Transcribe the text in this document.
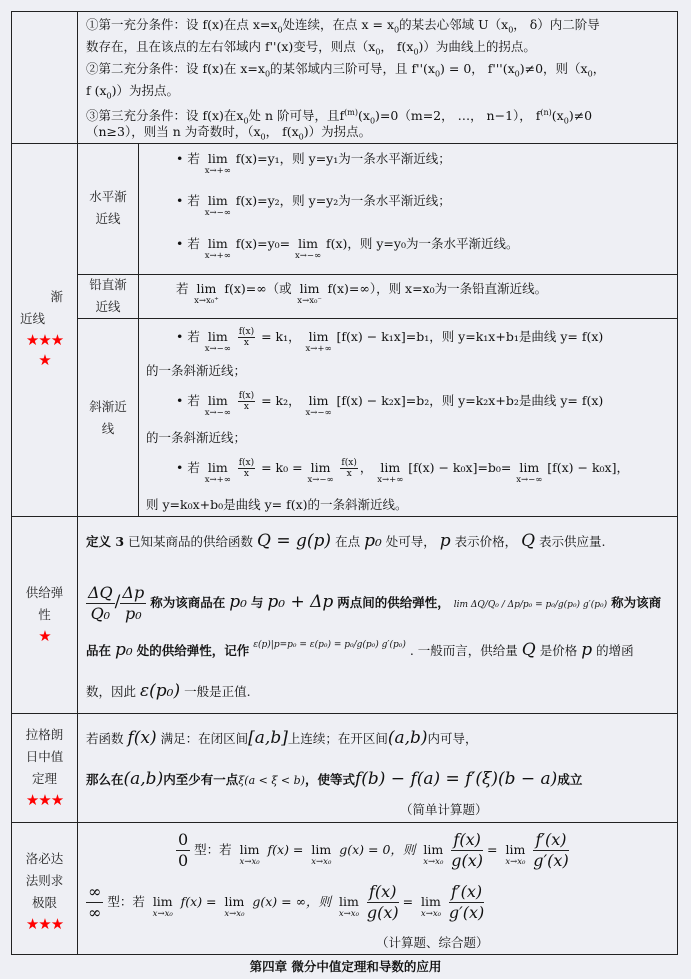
①第一充分条件：设 f(x)在点 $x=x_0$处连续，在点 $x = x_0$的某去心邻域 $U(x_0$， δ）内二阶导
数存在，且在该点的左右邻域内 f''(x)变号，则点（$x_0$， $f(x_0)$）为曲线上的拐点。
②第二充分条件：设 f(x)在 $x=x_0$的某邻域内三阶可导，且 $f''(x_0) = 0$， $f'''(x_0)\ne 0$，则（$x_0$，
f $(x_0)$）为拐点。
③第三充分条件：设 f(x)在$x_0$处 n 阶可导，且$f^{(m)}(x_0)=0(m=2$， …， n−1）， $f^{(n)}(x_0)\ne 0$
（n≥3），则当 n 为奇数时，（$x_0$， $f(x_0)$）为拐点。
渐
近线
★★★
★
水平渐
近线
• 若 lim
x→+∞
f(x)=y₁，则 y=y₁为一条水平渐近线；
• 若 lim
x→−∞
f(x)=y₂，则 y=y₂为一条水平渐近线；
• 若 lim
x→+∞
f(x)=y₀= lim
x→−∞
f(x)，则 y=y₀为一条水平渐近线。
铅直渐
近线
若 lim
x→x₀⁺
f(x)=∞（或 lim
x→x₀⁻
f(x)=∞），则 x=x₀为一条铅直渐近线。
斜渐近
线
• 若 lim
x→−∞

$\frac{f(x)}{x} = k_1$， lim
x→+∞
[f(x) − k₁x]=b₁，则 y=k₁x+b₁是曲线 y= f(x)
的一条斜渐近线；
• 若 lim
x→−∞

$\frac{f(x)}{x} = k_2$， lim
x→−∞
[f(x) − k₂x]=b₂，则 y=k₂x+b₂是曲线 y= f(x)
的一条斜渐近线；
• 若 lim
x→+∞

$\frac{f(x)}{x} = k_0 = \lim$
x→−∞

$\frac{f(x)}{x}$ ， lim
x→+∞
[f(x) − k₀x]=b₀= lim
x→−∞
[f(x) − k₀x]，
则 y=k₀x+b₀是曲线 y= f(x)的一条斜渐近线。
供给弹
性
★
定义 3 已知某商品的供给函数 Q = g(p) 在点 p₀ 处可导， p 表示价格， Q 表示供应量.
$\frac{\Delta Q}{\text{Q₀}}/ \frac{\Delta p}{\text{p₀}}$ 称为该商品在 p₀ 与 p₀ + Δp 两点间的供给弹性， lim ΔQ/Q₀ / Δp/p₀ = p₀/g(p₀) g′(p₀) 称为该商
品在 p₀ 处的供给弹性，记作 $^{\varepsilon(p)|p=p_0 = \varepsilon(p_0) = p_0/g(p_0) g'(p_0)}$ . 一般而言，供给量 Q 是价格 p 的增函
数，因此 ε(p₀) 一般是正值.
拉格朗
日中值
定理
★★★
若函数 f(x) 满足：在闭区间[a,b]上连续；在开区间(a,b)内可导，
那么在(a,b)内至少有一点ξ(a < ξ < b)，使等式f(b) − f(a) = f′(ξ)(b − a)成立
（简单计算题）
洛必达
法则求
极限
★★★
$\frac{0}{0}$ 型：若 lim
x→x₀
f(x) = lim
x→x₀
g(x) = 0，则 lim
x→x₀
$\frac{f(x)}{g(x)} = \lim$
x→x₀
$\frac{f'(x)}{g'(x)}$
$\frac{\infty}{\infty}$ 型：若 lim
x→x₀
f(x) = lim
x→x₀
g(x) = ∞，则 lim
x→x₀
$\frac{f(x)}{g(x)} = \lim$
x→x₀
$\frac{f'(x)}{g'(x)}$
（计算题、综合题）
第四章 微分中值定理和导数的应用
